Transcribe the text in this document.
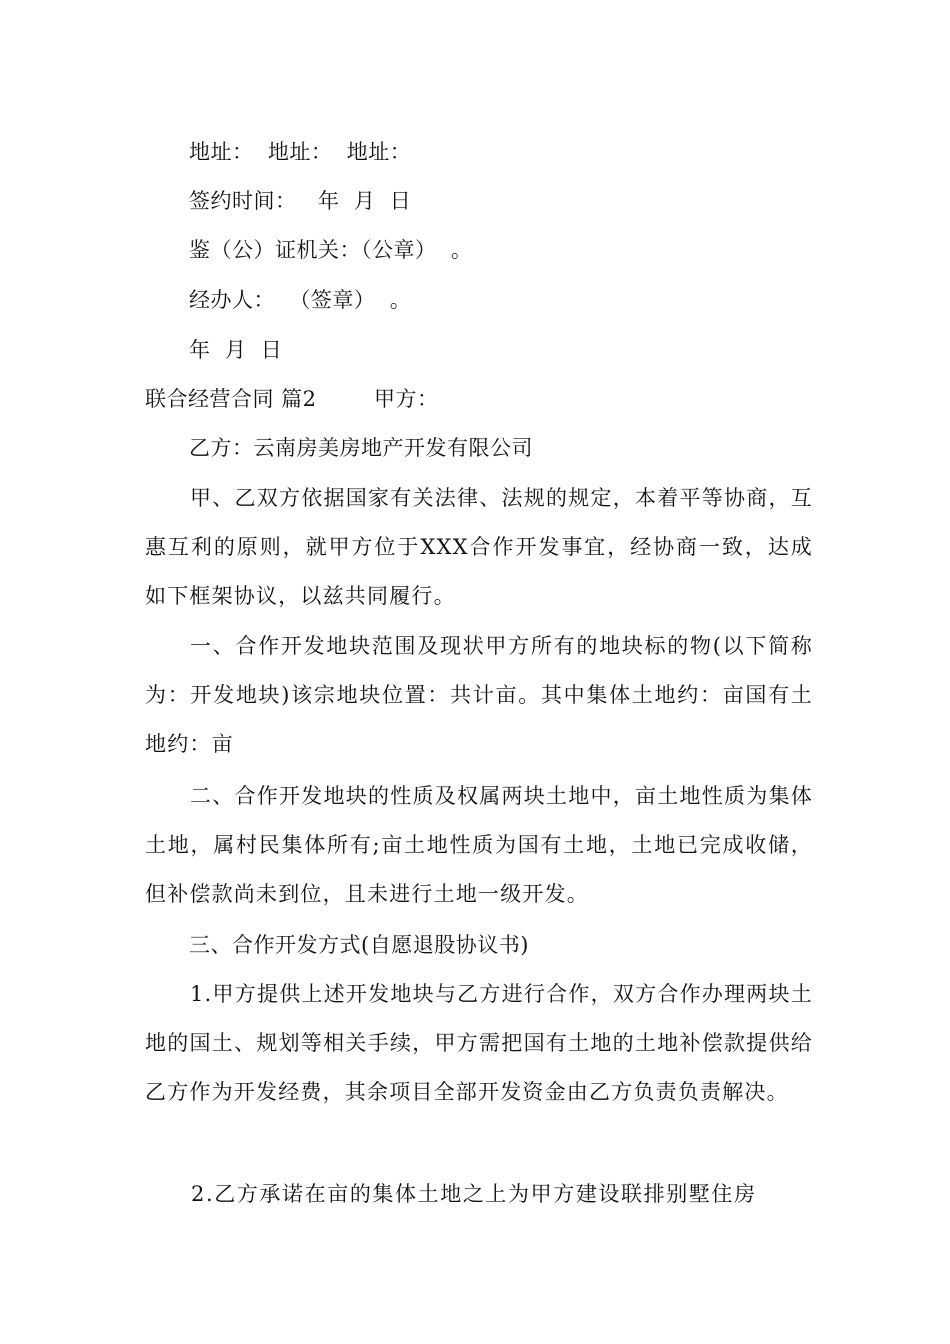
地址：  地址：  地址：
签约时间：   年  月  日
鉴（公）证机关：（公章）  。
经办人：  （签章）  。
年  月  日
联合经营合同 篇2	甲方：
乙方：云南房美房地产开发有限公司

甲、乙双方依据国家有关法律、法规的规定，本着平等协商，互惠互利的原则，就甲方位于XXX合作开发事宜，经协商一致，达成如下框架协议，以兹共同履行。

一、合作开发地块范围及现状甲方所有的地块标的物(以下简称为：开发地块)该宗地块位置：共计亩。其中集体土地约：亩国有土地约：亩

二、合作开发地块的性质及权属两块土地中，亩土地性质为集体土地，属村民集体所有;亩土地性质为国有土地，土地已完成收储，但补偿款尚未到位，且未进行土地一级开发。

三、合作开发方式(自愿退股协议书)

1.甲方提供上述开发地块与乙方进行合作，双方合作办理两块土地的国土、规划等相关手续，甲方需把国有土地的土地补偿款提供给乙方作为开发经费，其余项目全部开发资金由乙方负责负责解决。

2.乙方承诺在亩的集体土地之上为甲方建设联排别墅住房
